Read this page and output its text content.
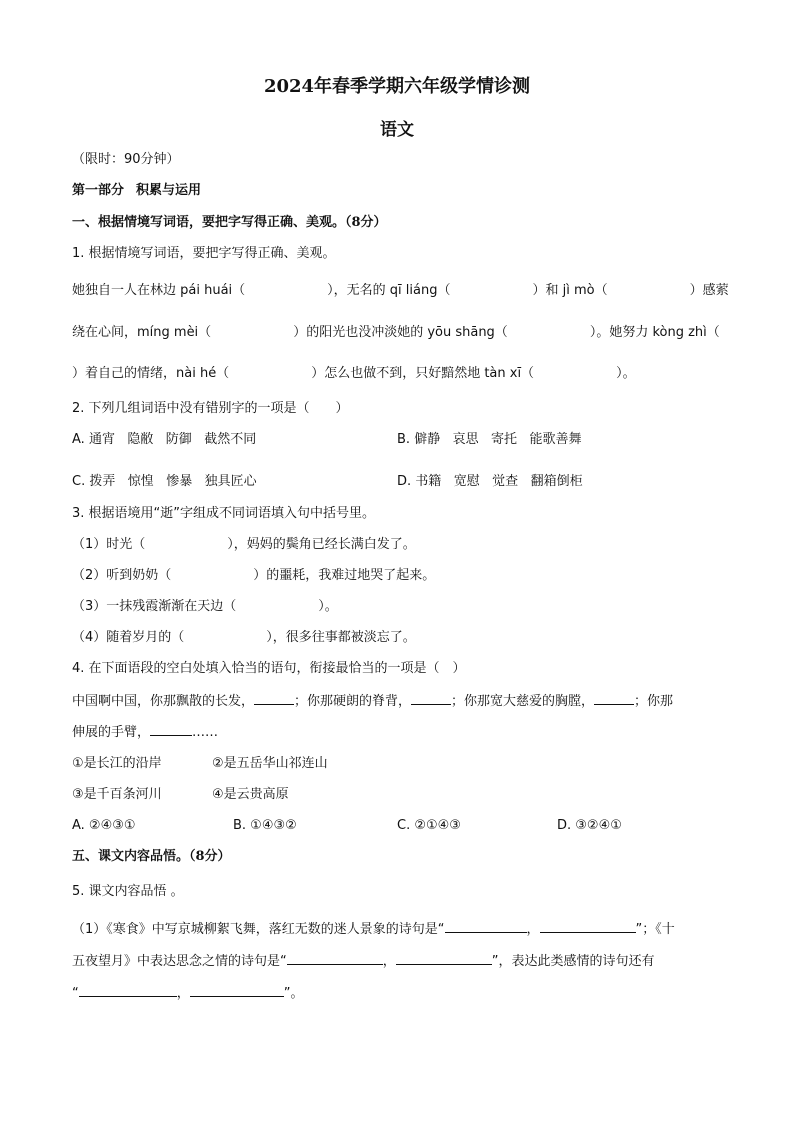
2024年春季学期六年级学情诊测
语文
（限时：90分钟）
第一部分 积累与运用
一、根据情境写词语，要把字写得正确、美观。（8分）
1. 根据情境写词语，要把字写得正确、美观。
她独自一人在林边 pái huái（	），无名的 qī liáng（	）和 jì mò（	）感萦
绕在心间，míng mèi（	）的阳光也没冲淡她的 yōu shāng（	）。她努力 kòng zhì（
）着自己的情绪，nài hé（	）怎么也做不到，只好黯然地 tàn xī（	）。
2. 下列几组词语中没有错别字的一项是（　　）
A. 通宵 隐敝 防御 截然不同	B. 僻静 哀思 寄托 能歌善舞
C. 拨弄 惊惶 惨暴 独具匠心	D. 书籍 宽慰 觉查 翻箱倒柜
3. 根据语境用“逝”字组成不同词语填入句中括号里。
（1）时光（	），妈妈的鬓角已经长满白发了。
（2）听到奶奶（	）的噩耗，我难过地哭了起来。
（3）一抹残霞渐渐在天边（	）。
（4）随着岁月的（	），很多往事都被淡忘了。
4. 在下面语段的空白处填入恰当的语句，衔接最恰当的一项是（　）
中国啊中国，你那飘散的长发，	；你那硬朗的脊背，	；你那宽大慈爱的胸膛，	；你那
伸展的手臂，	……
①是长江的沿岸	②是五岳华山祁连山
③是千百条河川	④是云贵高原
A. ②④③①	B. ①④③②	C. ②①④③	D. ③②④①
五、课文内容品悟。（8分）
5. 课文内容品悟 。
（1）《寒食》中写京城柳絮飞舞，落红无数的迷人景象的诗句是“	，	”；《十
五夜望月》中表达思念之情的诗句是“	，	”，表达此类感情的诗句还有
“	，	”。
